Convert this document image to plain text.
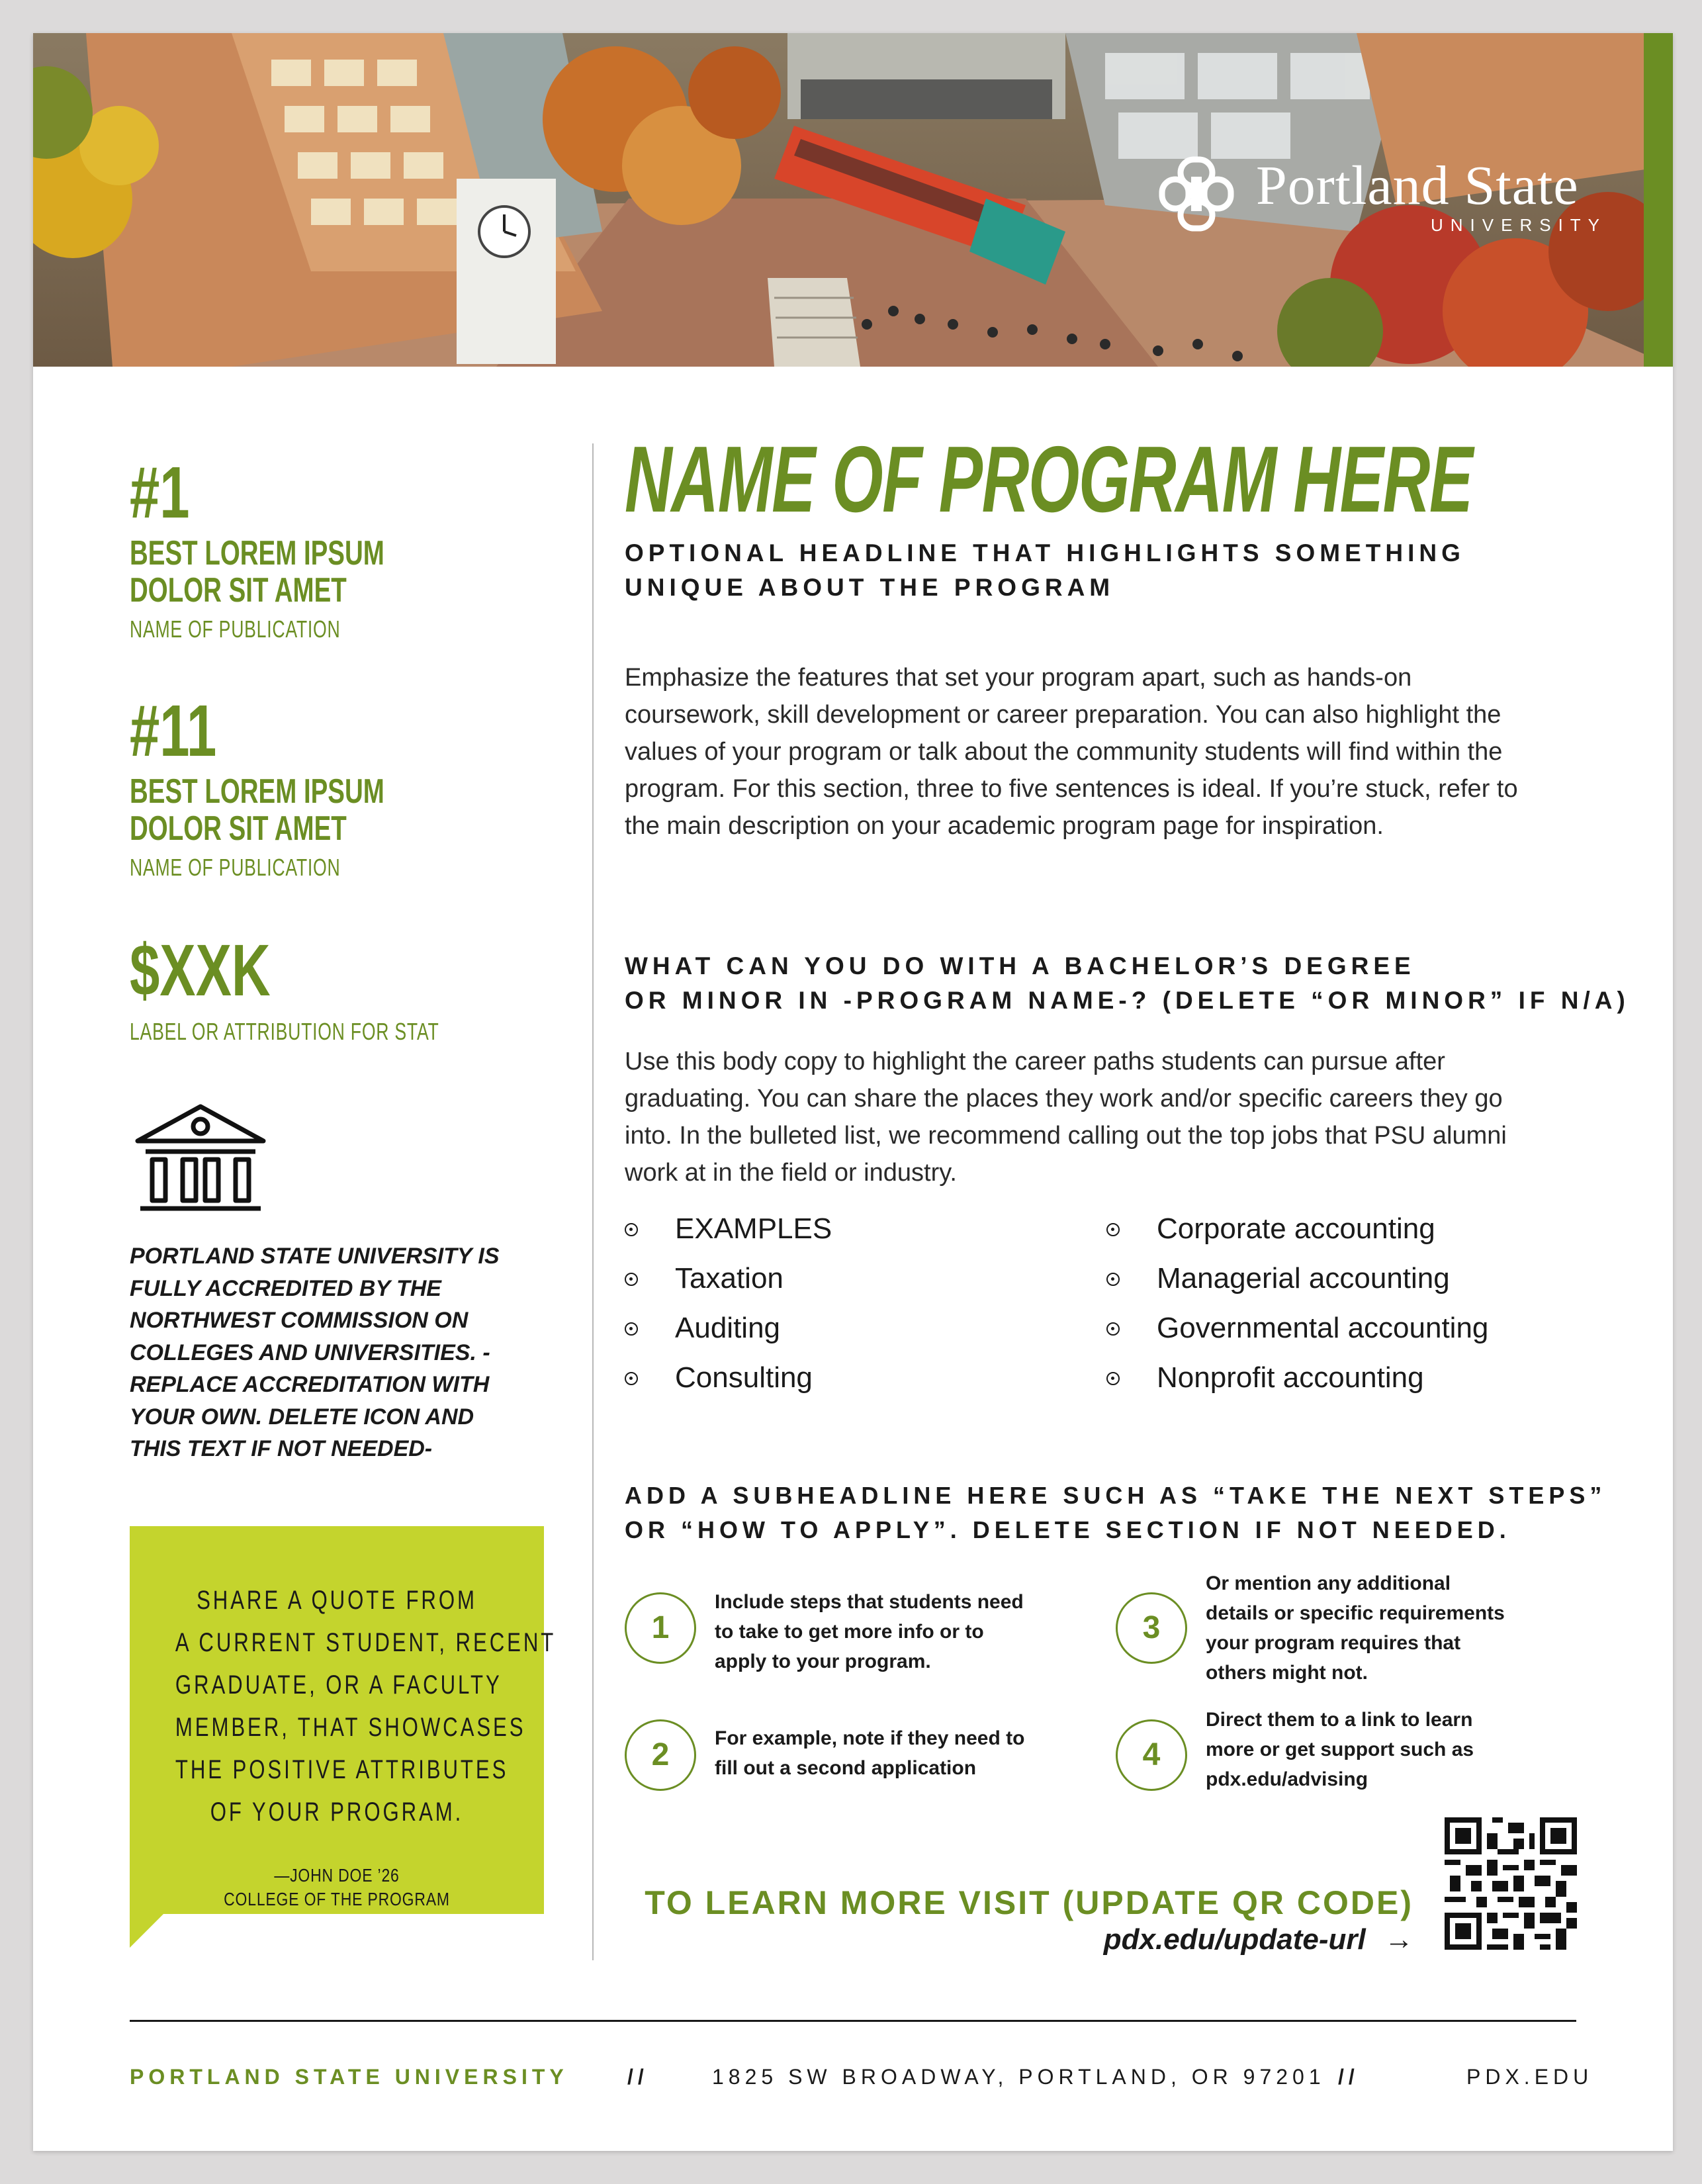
Portland State
UNIVERSITY
#1
BEST LOREM IPSUM
DOLOR SIT AMET
NAME OF PUBLICATION
#11
BEST LOREM IPSUM
DOLOR SIT AMET
NAME OF PUBLICATION
$XXK
LABEL OR ATTRIBUTION FOR STAT
PORTLAND STATE UNIVERSITY IS FULLY ACCREDITED BY THE NORTHWEST COMMISSION ON COLLEGES AND UNIVERSITIES. -REPLACE ACCREDITATION WITH YOUR OWN. DELETE ICON AND THIS TEXT IF NOT NEEDED-
SHARE A QUOTE FROM
A CURRENT STUDENT, RECENT
GRADUATE, OR A FACULTY
MEMBER, THAT SHOWCASES
THE POSITIVE ATTRIBUTES
OF YOUR PROGRAM.
—JOHN DOE ’26
COLLEGE OF THE PROGRAM
NAME OF PROGRAM HERE
OPTIONAL HEADLINE THAT HIGHLIGHTS SOMETHING UNIQUE ABOUT THE PROGRAM
Emphasize the features that set your program apart, such as hands-on
coursework, skill development or career preparation. You can also highlight the
values of your program or talk about the community students will find within the
program. For this section, three to five sentences is ideal. If you’re stuck, refer to
the main description on your academic program page for inspiration.
WHAT CAN YOU DO WITH A BACHELOR’S DEGREE
OR MINOR IN -PROGRAM NAME-? (DELETE “OR MINOR” IF N/A)
Use this body copy to highlight the career paths students can pursue after
graduating. You can share the places they work and/or specific careers they go
into. In the bulleted list, we recommend calling out the top jobs that PSU alumni
work at in the field or industry.
EXAMPLES
Taxation
Auditing
Consulting
Corporate accounting
Managerial accounting
Governmental accounting
Nonprofit accounting
ADD A SUBHEADLINE HERE SUCH AS “TAKE THE NEXT STEPS”
OR “HOW TO APPLY”. DELETE SECTION IF NOT NEEDED.
1
Include steps that students need
to take to get more info or to
apply to your program.
2	For example, note if they need to
fill out a second application
3
Or mention any additional
details or specific requirements
your program requires that
others might not.
4
Direct them to a link to learn
more or get support such as
pdx.edu/advising
TO LEARN MORE VISIT (UPDATE QR CODE)
pdx.edu/update-url →
PORTLAND STATE UNIVERSITY	//	1825 SW BROADWAY, PORTLAND, OR 97201 //	PDX.EDU
